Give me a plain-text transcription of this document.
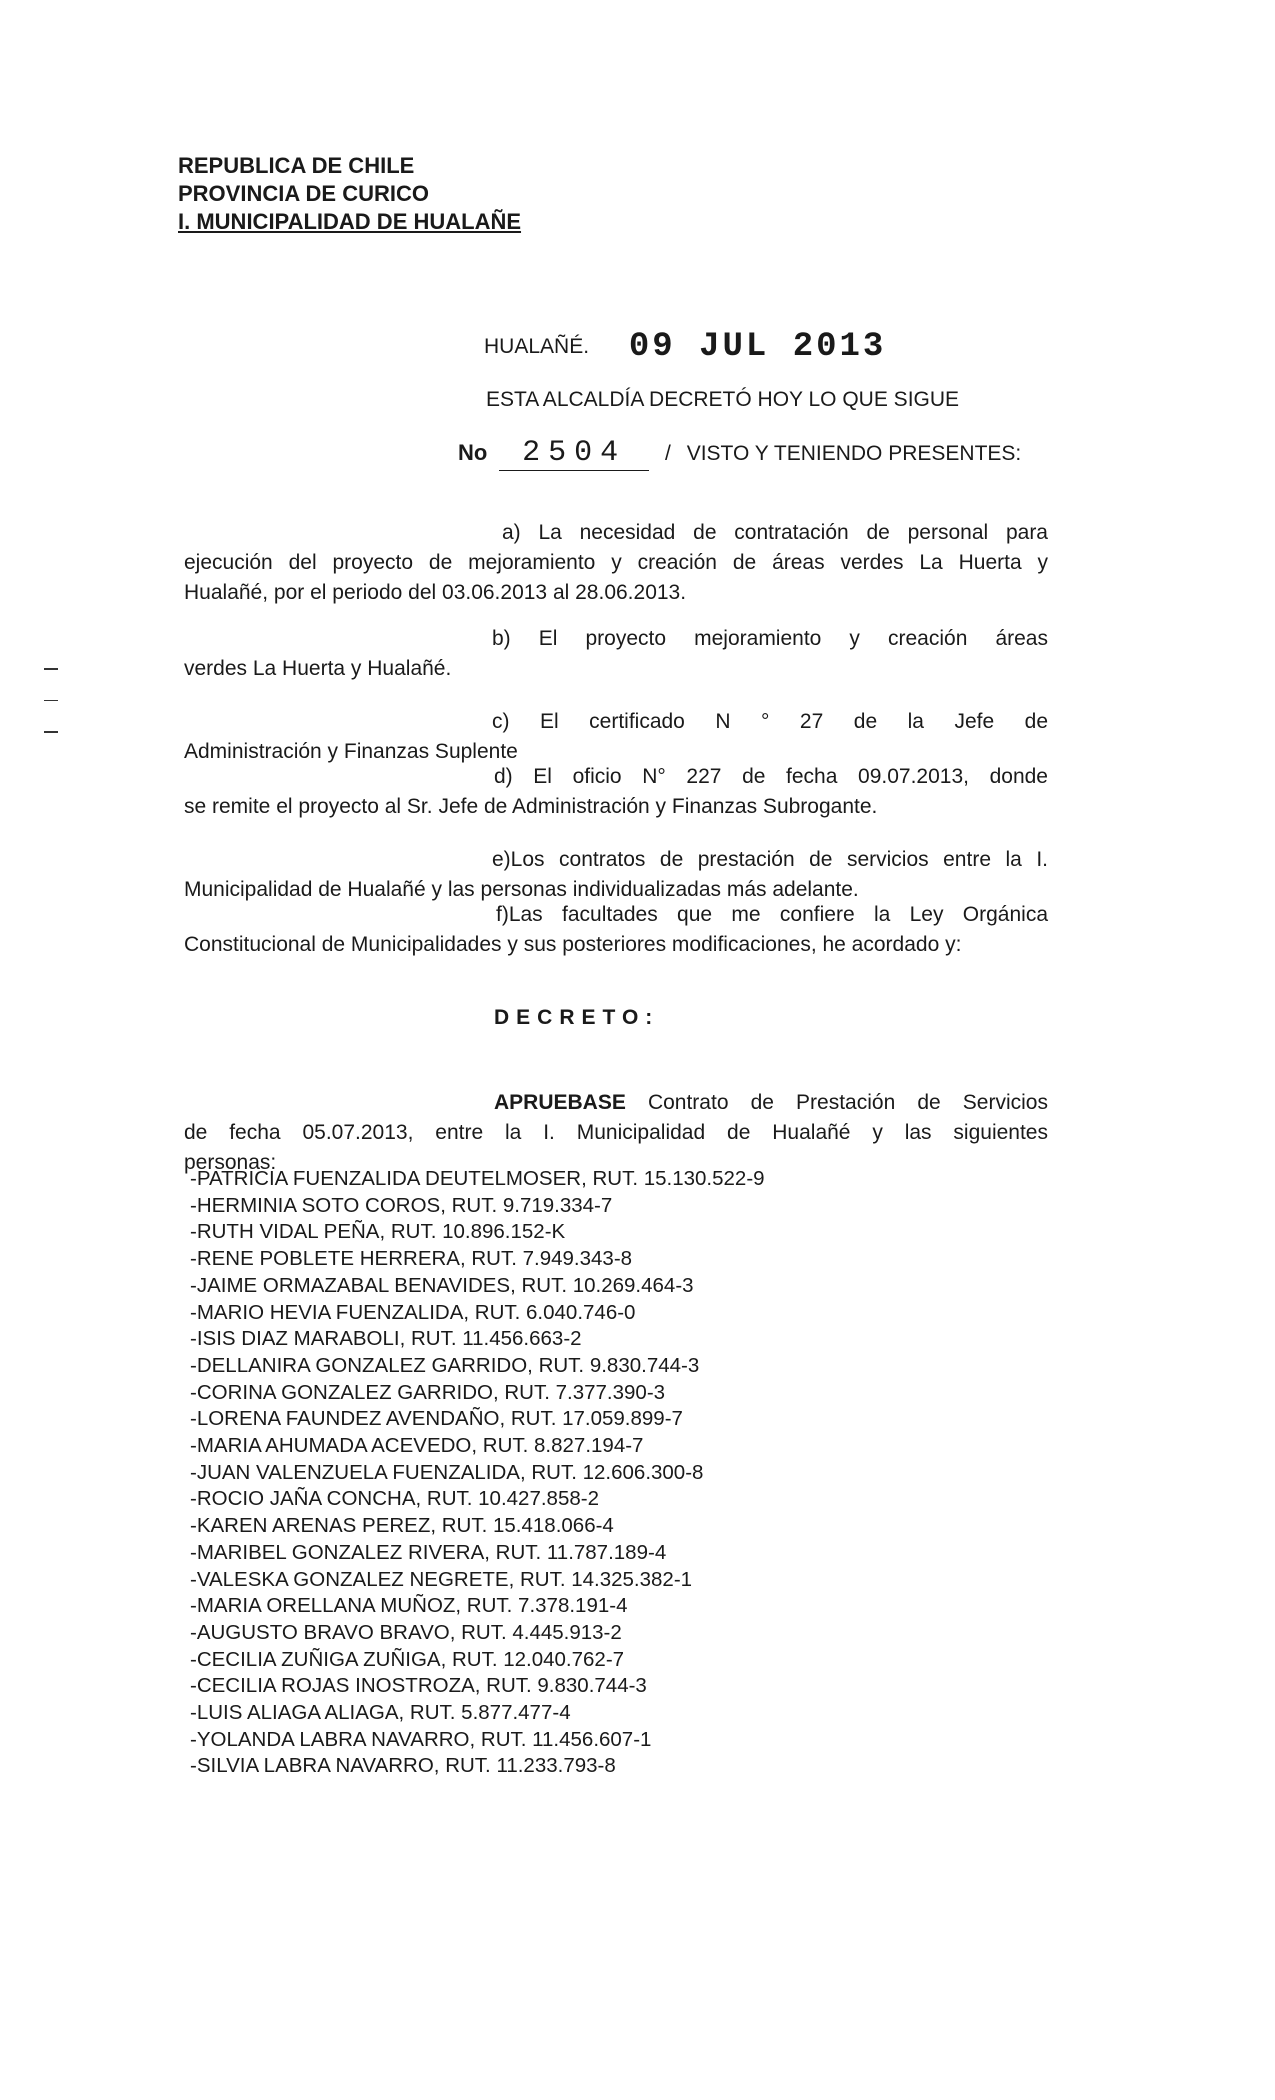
REPUBLICA DE CHILE
PROVINCIA DE CURICO
I. MUNICIPALIDAD DE HUALAÑE
HUALAÑÉ. 09 JUL 2013
ESTA ALCALDÍA DECRETÓ HOY LO QUE SIGUE
No 2504 / VISTO Y TENIENDO PRESENTES:
a) La necesidad de contratación de personal para
ejecución del proyecto de mejoramiento y creación de áreas verdes La Huerta y
Hualañé, por el periodo del 03.06.2013 al 28.06.2013.
b) El proyecto mejoramiento y creación áreas
verdes La Huerta y Hualañé.
c) El certificado N ° 27 de la Jefe de
Administración y Finanzas Suplente
d) El oficio N° 227 de fecha 09.07.2013, donde
se remite el proyecto al Sr. Jefe de Administración y Finanzas Subrogante.
e)Los contratos de prestación de servicios entre la I.
Municipalidad de Hualañé y las personas individualizadas más adelante.
f)Las facultades que me confiere la Ley Orgánica
Constitucional de Municipalidades y sus posteriores modificaciones, he acordado y:
DECRETO:
APRUEBASE Contrato de Prestación de Servicios
de fecha 05.07.2013, entre la I. Municipalidad de Hualañé y las siguientes
personas:
-PATRICIA FUENZALIDA DEUTELMOSER, RUT. 15.130.522-9
-HERMINIA SOTO COROS, RUT. 9.719.334-7
-RUTH VIDAL PEÑA, RUT. 10.896.152-K
-RENE POBLETE HERRERA, RUT. 7.949.343-8
-JAIME ORMAZABAL BENAVIDES, RUT. 10.269.464-3
-MARIO HEVIA FUENZALIDA, RUT. 6.040.746-0
-ISIS DIAZ MARABOLI, RUT. 11.456.663-2
-DELLANIRA GONZALEZ GARRIDO, RUT. 9.830.744-3
-CORINA GONZALEZ GARRIDO, RUT. 7.377.390-3
-LORENA FAUNDEZ AVENDAÑO, RUT. 17.059.899-7
-MARIA AHUMADA ACEVEDO, RUT. 8.827.194-7
-JUAN VALENZUELA FUENZALIDA, RUT. 12.606.300-8
-ROCIO JAÑA CONCHA, RUT. 10.427.858-2
-KAREN ARENAS PEREZ, RUT. 15.418.066-4
-MARIBEL GONZALEZ RIVERA, RUT. 11.787.189-4
-VALESKA GONZALEZ NEGRETE, RUT. 14.325.382-1
-MARIA ORELLANA MUÑOZ, RUT. 7.378.191-4
-AUGUSTO BRAVO BRAVO, RUT. 4.445.913-2
-CECILIA ZUÑIGA ZUÑIGA, RUT. 12.040.762-7
-CECILIA ROJAS INOSTROZA, RUT. 9.830.744-3
-LUIS ALIAGA ALIAGA, RUT. 5.877.477-4
-YOLANDA LABRA NAVARRO, RUT. 11.456.607-1
-SILVIA LABRA NAVARRO, RUT. 11.233.793-8
